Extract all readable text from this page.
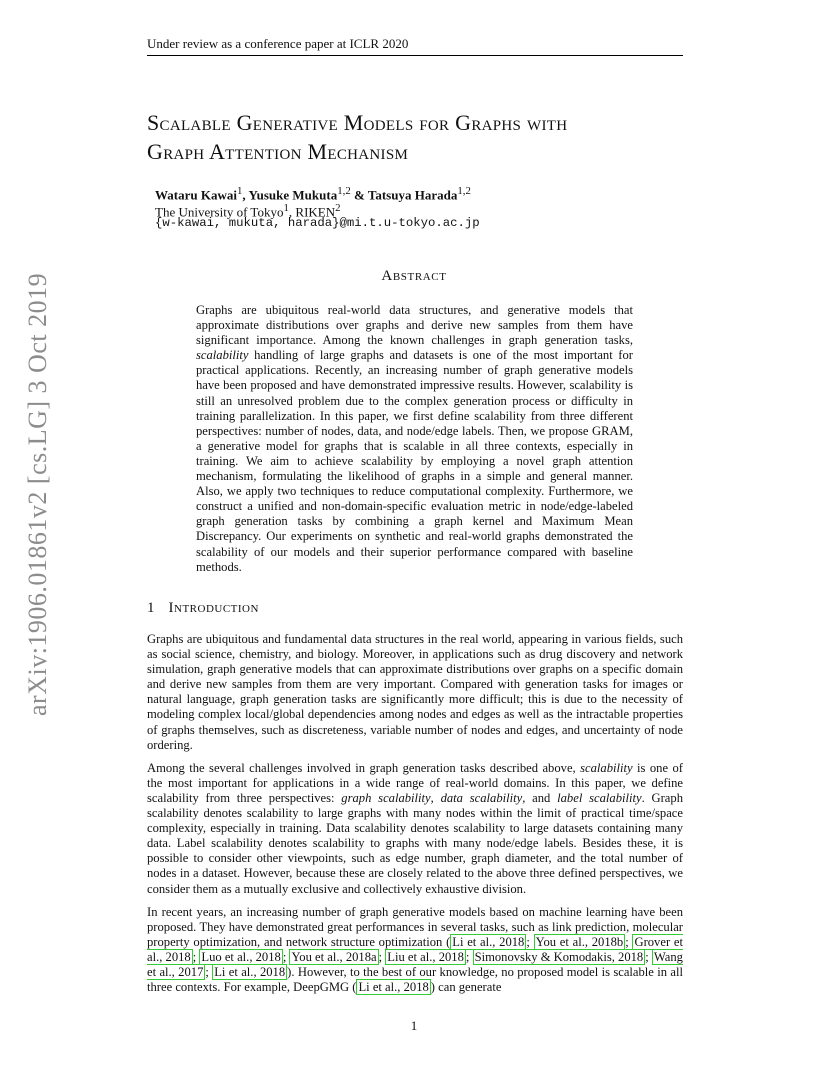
Under review as a conference paper at ICLR 2020
Scalable Generative Models for Graphs with
Graph Attention Mechanism
Wataru Kawai$^1$, Yusuke Mukuta$^{1,2}$ & Tatsuya Harada$^{1,2}$
The University of Tokyo$^1$, RIKEN$^2$
{w-kawai, mukuta, harada}@mi.t.u-tokyo.ac.jp
Abstract
Graphs are ubiquitous real-world data structures, and generative models that approximate distributions over graphs and derive new samples from them have significant importance. Among the known challenges in graph generation tasks, scalability handling of large graphs and datasets is one of the most important for practical applications. Recently, an increasing number of graph generative models have been proposed and have demonstrated impressive results. However, scalability is still an unresolved problem due to the complex generation process or difficulty in training parallelization. In this paper, we first define scalability from three different perspectives: number of nodes, data, and node/edge labels. Then, we propose GRAM, a generative model for graphs that is scalable in all three contexts, especially in training. We aim to achieve scalability by employing a novel graph attention mechanism, formulating the likelihood of graphs in a simple and general manner. Also, we apply two techniques to reduce computational complexity. Furthermore, we construct a unified and non-domain-specific evaluation metric in node/edge-labeled graph generation tasks by combining a graph kernel and Maximum Mean Discrepancy. Our experiments on synthetic and real-world graphs demonstrated the scalability of our models and their superior performance compared with baseline methods.
1 Introduction

Graphs are ubiquitous and fundamental data structures in the real world, appearing in various fields, such as social science, chemistry, and biology. Moreover, in applications such as drug discovery and network simulation, graph generative models that can approximate distributions over graphs on a specific domain and derive new samples from them are very important. Compared with generation tasks for images or natural language, graph generation tasks are significantly more difficult; this is due to the necessity of modeling complex local/global dependencies among nodes and edges as well as the intractable properties of graphs themselves, such as discreteness, variable number of nodes and edges, and uncertainty of node ordering.

Among the several challenges involved in graph generation tasks described above, scalability is one of the most important for applications in a wide range of real-world domains. In this paper, we define scalability from three perspectives: graph scalability, data scalability, and label scalability. Graph scalability denotes scalability to large graphs with many nodes within the limit of practical time/space complexity, especially in training. Data scalability denotes scalability to large datasets containing many data. Label scalability denotes scalability to graphs with many node/edge labels. Besides these, it is possible to consider other viewpoints, such as edge number, graph diameter, and the total number of nodes in a dataset. However, because these are closely related to the above three defined perspectives, we consider them as a mutually exclusive and collectively exhaustive division.

In recent years, an increasing number of graph generative models based on machine learning have been proposed. They have demonstrated great performances in several tasks, such as link prediction, molecular property optimization, and network structure optimization ( Li et al., 2018 ; You et al., 2018b ; Grover et al., 2018 ; Luo et al., 2018 ; You et al., 2018a ; Liu et al., 2018 ; Simonovsky & Komodakis, 2018 ; Wang et al., 2017 ; Li et al., 2018 ). However, to the best of our knowledge, no proposed model is scalable in all three contexts. For example, DeepGMG ( Li et al., 2018 ) can generate

1
arXiv:1906.01861v2 [cs.LG] 3 Oct 2019
